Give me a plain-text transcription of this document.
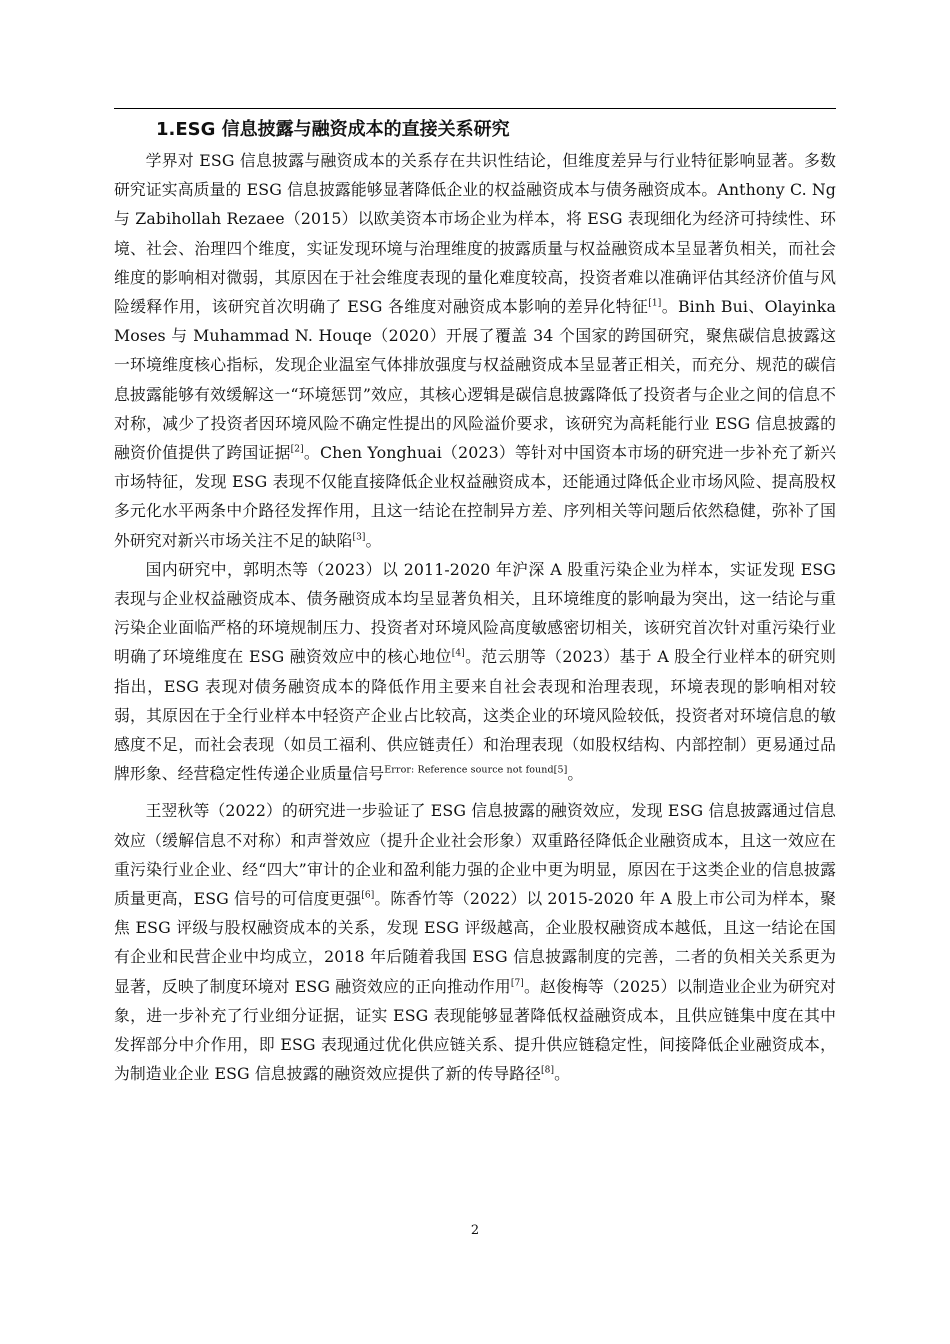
1.ESG 信息披露与融资成本的直接关系研究

学界对 ESG 信息披露与融资成本的关系存在共识性结论，但维度差异与行业特征影响显著。多数研究证实高质量的 ESG 信息披露能够显著降低企业的权益融资成本与债务融资成本。Anthony C. Ng 与 Zabihollah Rezaee（2015）以欧美资本市场企业为样本，将 ESG 表现细化为经济可持续性、环境、社会、治理四个维度，实证发现环境与治理维度的披露质量与权益融资成本呈显著负相关，而社会维度的影响相对微弱，其原因在于社会维度表现的量化难度较高，投资者难以准确评估其经济价值与风险缓释作用，该研究首次明确了 ESG 各维度对融资成本影响的差异化特征[1]。Binh Bui、Olayinka Moses 与 Muhammad N. Houqe（2020）开展了覆盖 34 个国家的跨国研究，聚焦碳信息披露这一环境维度核心指标，发现企业温室气体排放强度与权益融资成本呈显著正相关，而充分、规范的碳信息披露能够有效缓解这一“环境惩罚”效应，其核心逻辑是碳信息披露降低了投资者与企业之间的信息不对称，减少了投资者因环境风险不确定性提出的风险溢价要求，该研究为高耗能行业 ESG 信息披露的融资价值提供了跨国证据[2]。Chen Yonghuai（2023）等针对中国资本市场的研究进一步补充了新兴市场特征，发现 ESG 表现不仅能直接降低企业权益融资成本，还能通过降低企业市场风险、提高股权多元化水平两条中介路径发挥作用，且这一结论在控制异方差、序列相关等问题后依然稳健，弥补了国外研究对新兴市场关注不足的缺陷[3]。

国内研究中，郭明杰等（2023）以 2011-2020 年沪深 A 股重污染企业为样本，实证发现 ESG 表现与企业权益融资成本、债务融资成本均呈显著负相关，且环境维度的影响最为突出，这一结论与重污染企业面临严格的环境规制压力、投资者对环境风险高度敏感密切相关，该研究首次针对重污染行业明确了环境维度在 ESG 融资效应中的核心地位[4]。范云朋等（2023）基于 A 股全行业样本的研究则指出，ESG 表现对债务融资成本的降低作用主要来自社会表现和治理表现，环境表现的影响相对较弱，其原因在于全行业样本中轻资产企业占比较高，这类企业的环境风险较低，投资者对环境信息的敏感度不足，而社会表现（如员工福利、供应链责任）和治理表现（如股权结构、内部控制）更易通过品牌形象、经营稳定性传递企业质量信号$^{Error: Reference source not found[5]}$。

王翌秋等（2022）的研究进一步验证了 ESG 信息披露的融资效应，发现 ESG 信息披露通过信息效应（缓解信息不对称）和声誉效应（提升企业社会形象）双重路径降低企业融资成本，且这一效应在重污染行业企业、经“四大”审计的企业和盈利能力强的企业中更为明显，原因在于这类企业的信息披露质量更高，ESG 信号的可信度更强[6]。陈香竹等（2022）以 2015-2020 年 A 股上市公司为样本，聚焦 ESG 评级与股权融资成本的关系，发现 ESG 评级越高，企业股权融资成本越低，且这一结论在国有企业和民营企业中均成立，2018 年后随着我国 ESG 信息披露制度的完善，二者的负相关关系更为显著，反映了制度环境对 ESG 融资效应的正向推动作用[7]。赵俊梅等（2025）以制造业企业为研究对象，进一步补充了行业细分证据，证实 ESG 表现能够显著降低权益融资成本，且供应链集中度在其中发挥部分中介作用，即 ESG 表现通过优化供应链关系、提升供应链稳定性，间接降低企业融资成本，为制造业企业 ESG 信息披露的融资效应提供了新的传导路径[8]。

2
